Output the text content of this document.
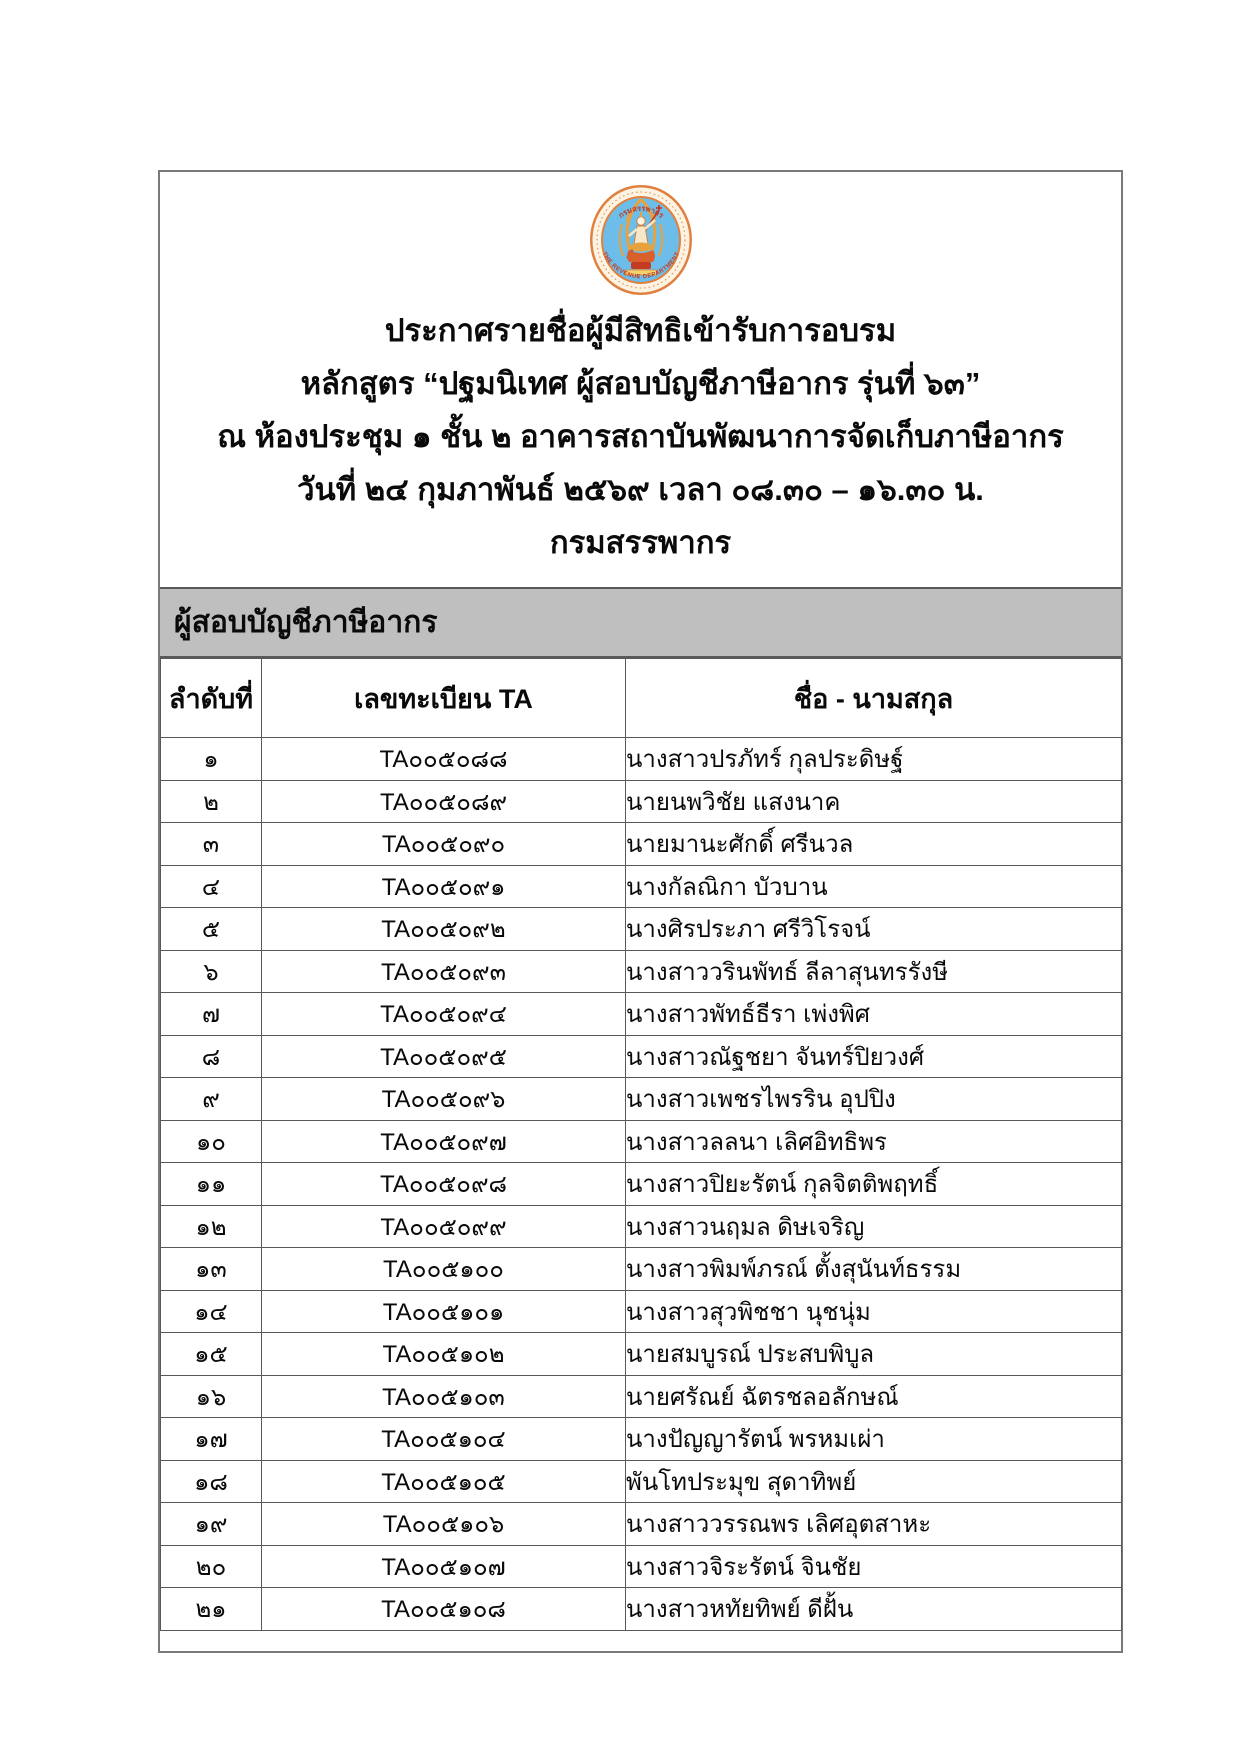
กรมสรรพากร
THE REVENUE DEPARTMENT
ประกาศรายชื่อผู้มีสิทธิเข้ารับการอบรม
หลักสูตร “ปฐมนิเทศ ผู้สอบบัญชีภาษีอากร รุ่นที่ ๖๓”
ณ ห้องประชุม ๑ ชั้น ๒ อาคารสถาบันพัฒนาการจัดเก็บภาษีอากร
วันที่ ๒๔ กุมภาพันธ์ ๒๕๖๙ เวลา ๐๘.๓๐ – ๑๖.๓๐ น.
กรมสรรพากร
ผู้สอบบัญชีภาษีอากร
ลำดับที่	เลขทะเบียน TA	ชื่อ - นามสกุล
๑	TA๐๐๕๐๘๘	นางสาวปรภัทร์ กุลประดิษฐ์
๒	TA๐๐๕๐๘๙	นายนพวิชัย แสงนาค
๓	TA๐๐๕๐๙๐	นายมานะศักดิ์ ศรีนวล
๔	TA๐๐๕๐๙๑	นางกัลณิกา บัวบาน
๕	TA๐๐๕๐๙๒	นางศิรประภา ศรีวิโรจน์
๖	TA๐๐๕๐๙๓	นางสาววรินพัทธ์ ลีลาสุนทรรังษี
๗	TA๐๐๕๐๙๔	นางสาวพัทธ์ธีรา เพ่งพิศ
๘	TA๐๐๕๐๙๕	นางสาวณัฐชยา จันทร์ปิยวงศ์
๙	TA๐๐๕๐๙๖	นางสาวเพชรไพรริน อุปปิง
๑๐	TA๐๐๕๐๙๗	นางสาวลลนา เลิศอิทธิพร
๑๑	TA๐๐๕๐๙๘	นางสาวปิยะรัตน์ กุลจิตติพฤทธิ์
๑๒	TA๐๐๕๐๙๙	นางสาวนฤมล ดิษเจริญ
๑๓	TA๐๐๕๑๐๐	นางสาวพิมพ์ภรณ์ ตั้งสุนันท์ธรรม
๑๔	TA๐๐๕๑๐๑	นางสาวสุวพิชชา นุชนุ่ม
๑๕	TA๐๐๕๑๐๒	นายสมบูรณ์ ประสบพิบูล
๑๖	TA๐๐๕๑๐๓	นายศรัณย์ ฉัตรชลอลักษณ์
๑๗	TA๐๐๕๑๐๔	นางปัญญารัตน์ พรหมเผ่า
๑๘	TA๐๐๕๑๐๕	พันโทประมุข สุดาทิพย์
๑๙	TA๐๐๕๑๐๖	นางสาววรรณพร เลิศอุตสาหะ
๒๐	TA๐๐๕๑๐๗	นางสาวจิระรัตน์ จินชัย
๒๑	TA๐๐๕๑๐๘	นางสาวหทัยทิพย์ ดีฝั้น
